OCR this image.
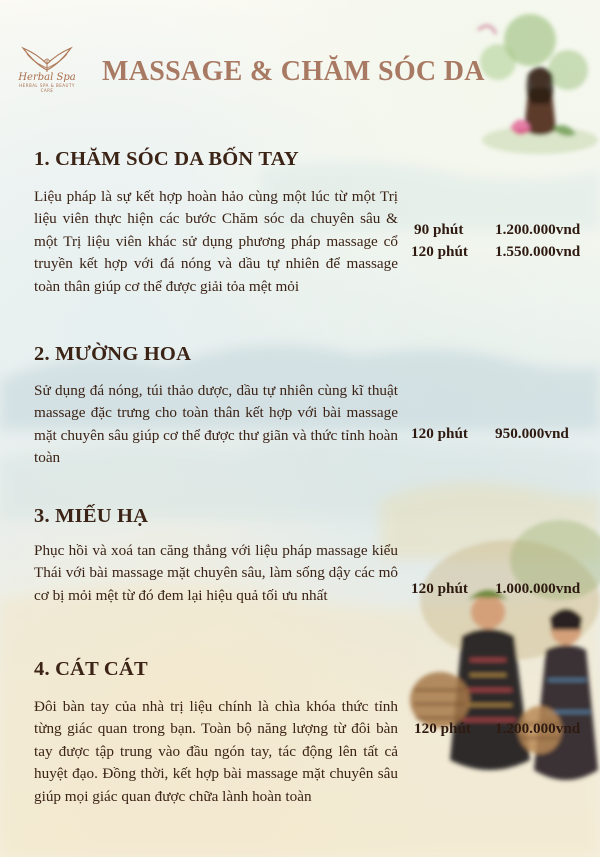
Herbal Spa
HERBAL SPA & BEAUTY CARE
MASSAGE & CHĂM SÓC DA
1. CHĂM SÓC DA BỐN TAY

Liệu pháp là sự kết hợp hoàn hảo cùng một lúc từ một Trị liệu viên thực hiện các bước Chăm sóc da chuyên sâu & một Trị liệu viên khác sử dụng phương pháp massage cổ truyền kết hợp với đá nóng và dầu tự nhiên để massage toàn thân giúp cơ thể được giải tỏa mệt mỏi

90 phút 1.200.000vnd
120 phút 1.550.000vnd
2. MƯỜNG HOA

Sử dụng đá nóng, túi thảo dược, dầu tự nhiên cùng kĩ thuật massage đặc trưng cho toàn thân kết hợp với bài massage mặt chuyên sâu giúp cơ thể được thư giãn và thức tỉnh hoàn toàn

120 phút 950.000vnd
3. MIẾU HẠ

Phục hồi và xoá tan căng thẳng với liệu pháp massage kiểu Thái với bài massage mặt chuyên sâu, làm sống dậy các mô cơ bị mỏi mệt từ đó đem lại hiệu quả tối ưu nhất	120 phút 1.000.000vnd
4. CÁT CÁT

Đôi bàn tay của nhà trị liệu chính là chìa khóa thức tỉnh từng giác quan trong bạn. Toàn bộ năng lượng từ đôi bàn tay được tập trung vào đầu ngón tay, tác động lên tất cả huyệt đạo. Đồng thời, kết hợp bài massage mặt chuyên sâu giúp mọi giác quan được chữa lành hoàn toàn

120 phút 1.200.000vnd
